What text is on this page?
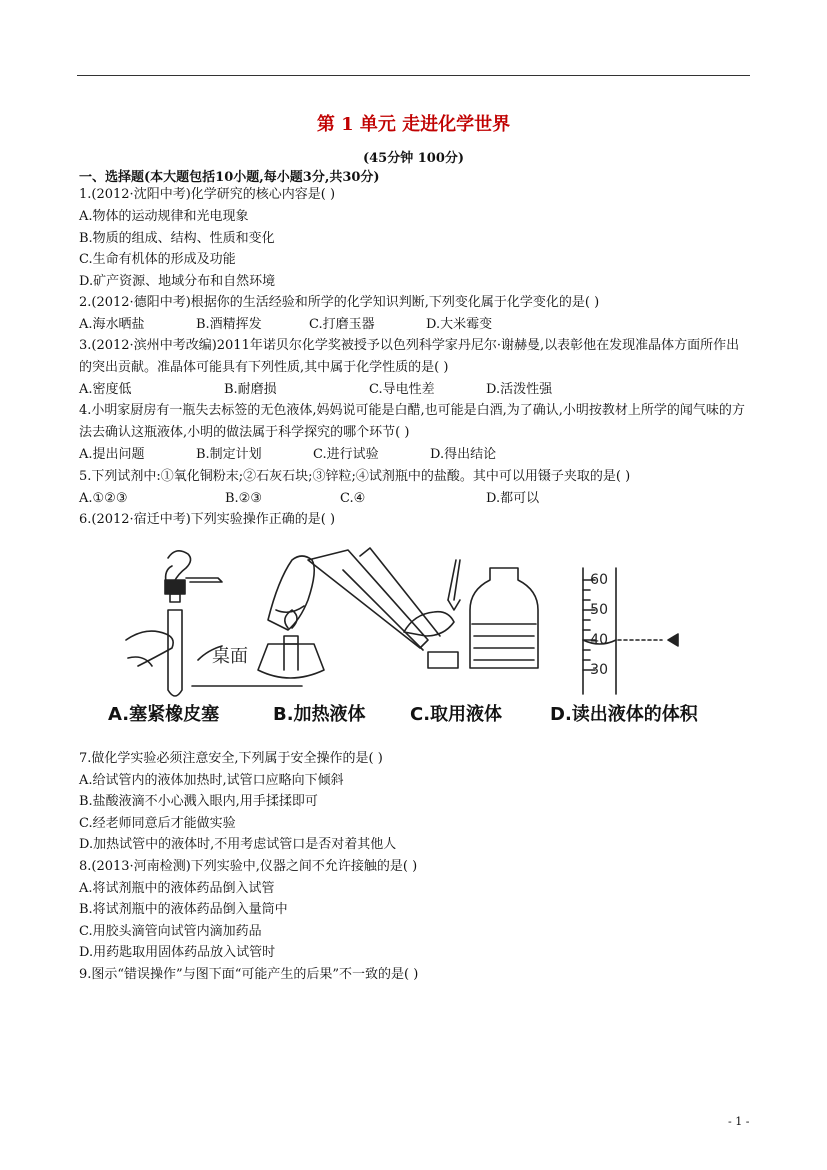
第 1 单元 走进化学世界
(45分钟 100分)
一、选择题(本大题包括10小题,每小题3分,共30分)
1.(2012·沈阳中考)化学研究的核心内容是( )
A.物体的运动规律和光电现象
B.物质的组成、结构、性质和变化
C.生命有机体的形成及功能
D.矿产资源、地域分布和自然环境
2.(2012·德阳中考)根据你的生活经验和所学的化学知识判断,下列变化属于化学变化的是( )
A.海水晒盐	B.酒精挥发	C.打磨玉器	D.大米霉变
3.(2012·滨州中考改编)2011年诺贝尔化学奖被授予以色列科学家丹尼尔·谢赫曼,以表彰他在发现准晶体方面所作出的突出贡献。准晶体可能具有下列性质,其中属于化学性质的是( )
A.密度低	B.耐磨损	C.导电性差	D.活泼性强
4.小明家厨房有一瓶失去标签的无色液体,妈妈说可能是白醋,也可能是白酒,为了确认,小明按教材上所学的闻气味的方法去确认这瓶液体,小明的做法属于科学探究的哪个环节( )
A.提出问题	B.制定计划	C.进行试验	D.得出结论
5.下列试剂中:①氧化铜粉末;②石灰石块;③锌粒;④试剂瓶中的盐酸。其中可以用镊子夹取的是( )
A.①②③	B.②③	C.④	D.都可以
6.(2012·宿迁中考)下列实验操作正确的是( )
桌面
60
50
40
30
A.塞紧橡皮塞	B.加热液体 C.取用液体	D.读出液体的体积
7.做化学实验必须注意安全,下列属于安全操作的是( )
A.给试管内的液体加热时,试管口应略向下倾斜
B.盐酸液滴不小心溅入眼内,用手揉揉即可
C.经老师同意后才能做实验
D.加热试管中的液体时,不用考虑试管口是否对着其他人
8.(2013·河南检测)下列实验中,仪器之间不允许接触的是( )
A.将试剂瓶中的液体药品倒入试管
B.将试剂瓶中的液体药品倒入量筒中
C.用胶头滴管向试管内滴加药品
D.用药匙取用固体药品放入试管时
9.图示“错误操作”与图下面“可能产生的后果”不一致的是( )
- 1 -
